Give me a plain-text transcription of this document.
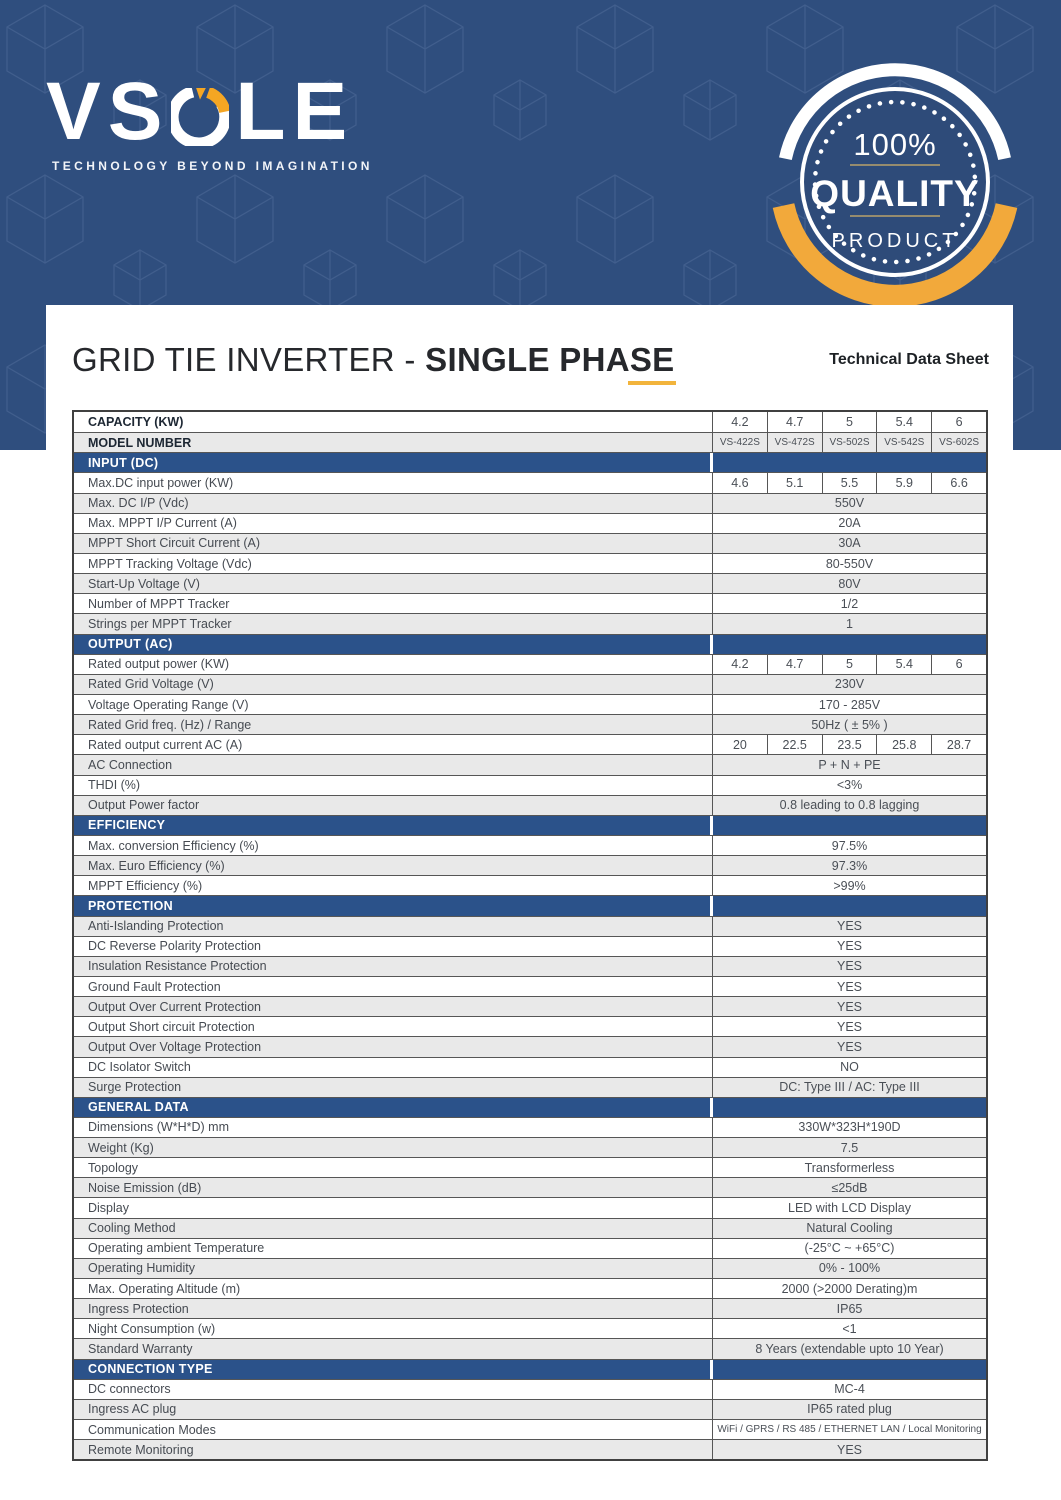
VS LE
TECHNOLOGY BEYOND IMAGINATION
100%
QUALITY
PRODUCT
GRID TIE INVERTER - SINGLE PHASE	Technical Data Sheet
CAPACITY (KW)	4.2	4.7	5	5.4	6
MODEL NUMBER	VS-422S	VS-472S	VS-502S	VS-542S	VS-602S
INPUT (DC)
Max.DC input power (KW)	4.6	5.1	5.5	5.9	6.6
Max. DC I/P (Vdc)	550V
Max. MPPT I/P Current (A)	20A
MPPT Short Circuit Current (A)	30A
MPPT Tracking Voltage (Vdc)	80-550V
Start-Up Voltage (V)	80V
Number of MPPT Tracker	1/2
Strings per MPPT Tracker	1
OUTPUT (AC)
Rated output power (KW)	4.2	4.7	5	5.4	6
Rated Grid Voltage (V)	230V
Voltage Operating Range (V)	170 - 285V
Rated Grid freq. (Hz) / Range	50Hz ( ± 5% )
Rated output current AC (A)	20	22.5	23.5	25.8	28.7
AC Connection	P + N + PE
THDI (%)	<3%
Output Power factor	0.8 leading to 0.8 lagging
EFFICIENCY
Max. conversion Efficiency (%)	97.5%
Max. Euro Efficiency (%)	97.3%
MPPT Efficiency (%)	>99%
PROTECTION
Anti-Islanding Protection	YES
DC Reverse Polarity Protection	YES
Insulation Resistance Protection	YES
Ground Fault Protection	YES
Output Over Current Protection	YES
Output Short circuit Protection	YES
Output Over Voltage Protection	YES
DC Isolator Switch	NO
Surge Protection	DC: Type III / AC: Type III
GENERAL DATA
Dimensions (W*H*D) mm	330W*323H*190D
Weight (Kg)	7.5
Topology	Transformerless
Noise Emission (dB)	≤25dB
Display	LED with LCD Display
Cooling Method	Natural Cooling
Operating ambient Temperature	(-25°C ~ +65°C)
Operating Humidity	0% - 100%
Max. Operating Altitude (m)	2000 (>2000 Derating)m
Ingress Protection	IP65
Night Consumption (w)	<1
Standard Warranty	8 Years (extendable upto 10 Year)
CONNECTION TYPE
DC connectors	MC-4
Ingress AC plug	IP65 rated plug
Communication Modes	WiFi / GPRS / RS 485 / ETHERNET LAN / Local Monitoring
Remote Monitoring	YES
